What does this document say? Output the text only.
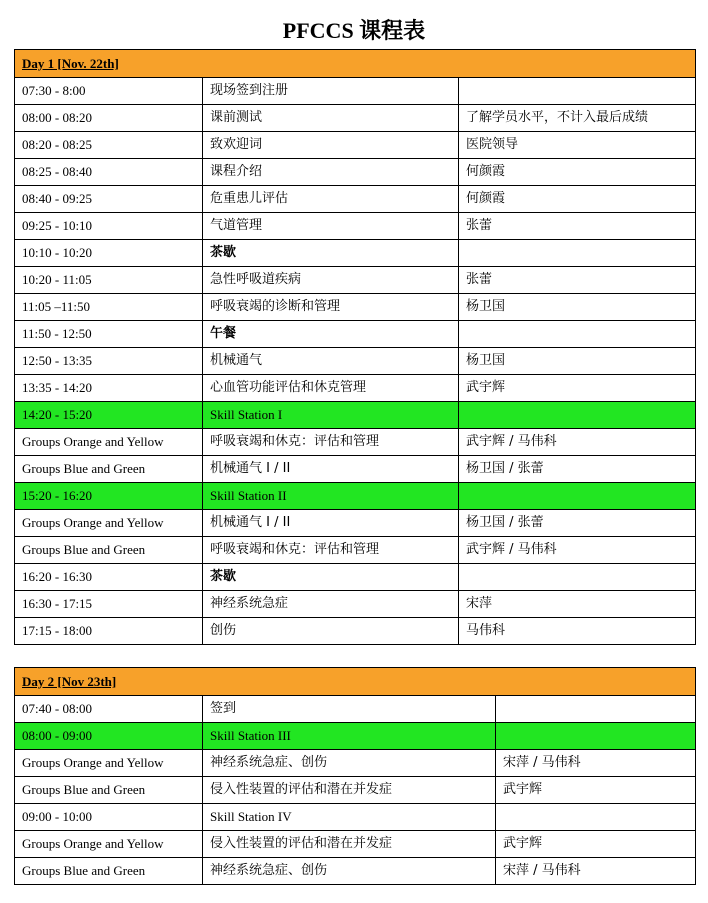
PFCCS 课程表
Day 1 [Nov. 22th]		
07:30 - 8:00	现场签到注册	
08:00 - 08:20	课前测试	了解学员水平，不计入最后成绩
08:20 - 08:25	致欢迎词	医院领导
08:25 - 08:40	课程介绍	何颜霞
08:40 - 09:25	危重患儿评估	何颜霞
09:25 - 10:10	气道管理	张蕾
10:10 - 10:20	茶歇	
10:20 - 11:05	急性呼吸道疾病	张蕾
11:05 –11:50	呼吸衰竭的诊断和管理	杨卫国
11:50 - 12:50	午餐	
12:50 - 13:35	机械通气	杨卫国
13:35 - 14:20	心血管功能评估和休克管理	武宇辉
14:20 - 15:20	Skill Station I	
Groups Orange and Yellow	呼吸衰竭和休克：评估和管理	武宇辉 / 马伟科
Groups Blue and Green	机械通气 I / II	杨卫国 / 张蕾
15:20 - 16:20	Skill Station II	
Groups Orange and Yellow	机械通气 I / II	杨卫国 / 张蕾
Groups Blue and Green	呼吸衰竭和休克：评估和管理	武宇辉 / 马伟科
16:20 - 16:30	茶歇	
16:30 - 17:15	神经系统急症	宋萍
17:15 - 18:00	创伤	马伟科
Day 2 [Nov 23th]		
07:40 - 08:00	签到	
08:00 - 09:00	Skill Station III	
Groups Orange and Yellow	神经系统急症、创伤	宋萍 / 马伟科
Groups Blue and Green	侵入性装置的评估和潜在并发症	武宇辉
09:00 - 10:00	Skill Station IV	
Groups Orange and Yellow	侵入性装置的评估和潜在并发症	武宇辉
Groups Blue and Green	神经系统急症、创伤	宋萍 / 马伟科
